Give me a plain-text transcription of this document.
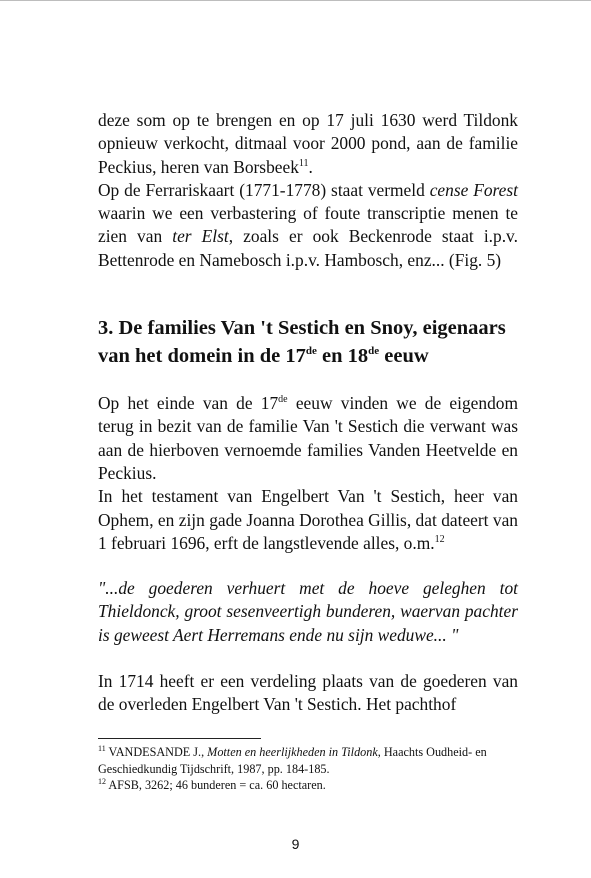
deze som op te brengen en op 17 juli 1630 werd Tildonk opnieuw verkocht, ditmaal voor 2000 pond, aan de familie Peckius, heren van Borsbeek$^{11}$.

Op de Ferrariskaart (1771-1778) staat vermeld cense Forest waarin we een verbastering of foute transcriptie menen te zien van ter Elst, zoals er ook Beckenrode staat i.p.v. Bettenrode en Namebosch i.p.v. Hambosch, enz... (Fig. 5)

3. De families Van 't Sestich en Snoy, eigenaars van het domein in de 17de en 18de eeuw

Op het einde van de 17de eeuw vinden we de eigendom terug in bezit van de familie Van 't Sestich die verwant was aan de hierboven vernoemde families Vanden Heetvelde en Peckius.

In het testament van Engelbert Van 't Sestich, heer van Ophem, en zijn gade Joanna Dorothea Gillis, dat dateert van 1 februari 1696, erft de langstlevende alles, o.m.$^{12}$

"...de goederen verhuert met de hoeve geleghen tot Thieldonck, groot sesenveertigh bunderen, waervan pachter is geweest Aert Herremans ende nu sijn weduwe... "

In 1714 heeft er een verdeling plaats van de goederen van de overleden Engelbert Van 't Sestich. Het pachthof

$^{11}$ VANDESANDE J., Motten en heerlijkheden in Tildonk, Haachts Oudheid- en Geschiedkundig Tijdschrift, 1987, pp. 184-185.

$^{12}$ AFSB, 3262; 46 bunderen = ca. 60 hectaren.

9
